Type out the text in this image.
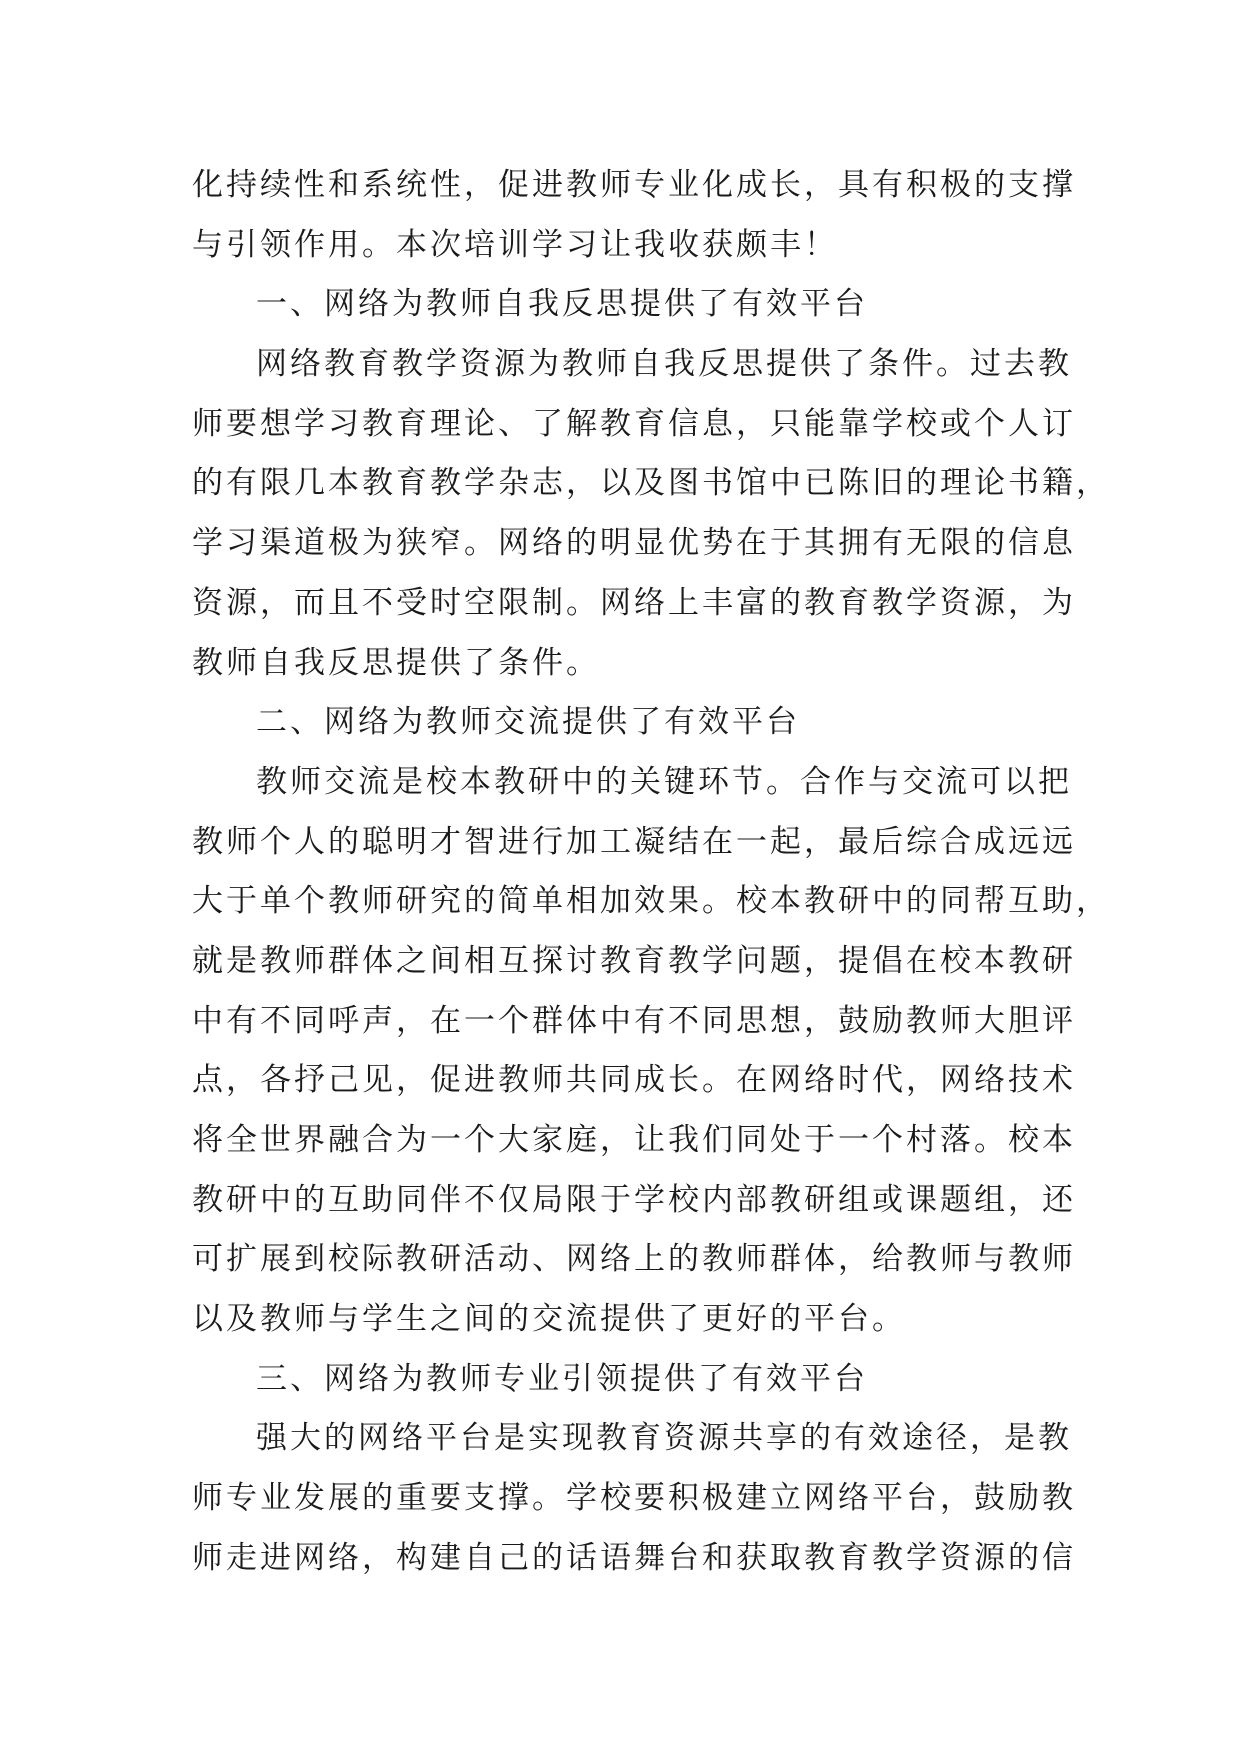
化持续性和系统性，促进教师专业化成长，具有积极的支撑
与引领作用。本次培训学习让我收获颇丰！
一、网络为教师自我反思提供了有效平台
网络教育教学资源为教师自我反思提供了条件。过去教
师要想学习教育理论、了解教育信息，只能靠学校或个人订
的有限几本教育教学杂志，以及图书馆中已陈旧的理论书籍，
学习渠道极为狭窄。网络的明显优势在于其拥有无限的信息
资源，而且不受时空限制。网络上丰富的教育教学资源，为
教师自我反思提供了条件。
二、网络为教师交流提供了有效平台
教师交流是校本教研中的关键环节。合作与交流可以把
教师个人的聪明才智进行加工凝结在一起，最后综合成远远
大于单个教师研究的简单相加效果。校本教研中的同帮互助，
就是教师群体之间相互探讨教育教学问题，提倡在校本教研
中有不同呼声，在一个群体中有不同思想，鼓励教师大胆评
点，各抒己见，促进教师共同成长。在网络时代，网络技术
将全世界融合为一个大家庭，让我们同处于一个村落。校本
教研中的互助同伴不仅局限于学校内部教研组或课题组，还
可扩展到校际教研活动、网络上的教师群体，给教师与教师
以及教师与学生之间的交流提供了更好的平台。
三、网络为教师专业引领提供了有效平台
强大的网络平台是实现教育资源共享的有效途径，是教
师专业发展的重要支撑。学校要积极建立网络平台，鼓励教
师走进网络，构建自己的话语舞台和获取教育教学资源的信
